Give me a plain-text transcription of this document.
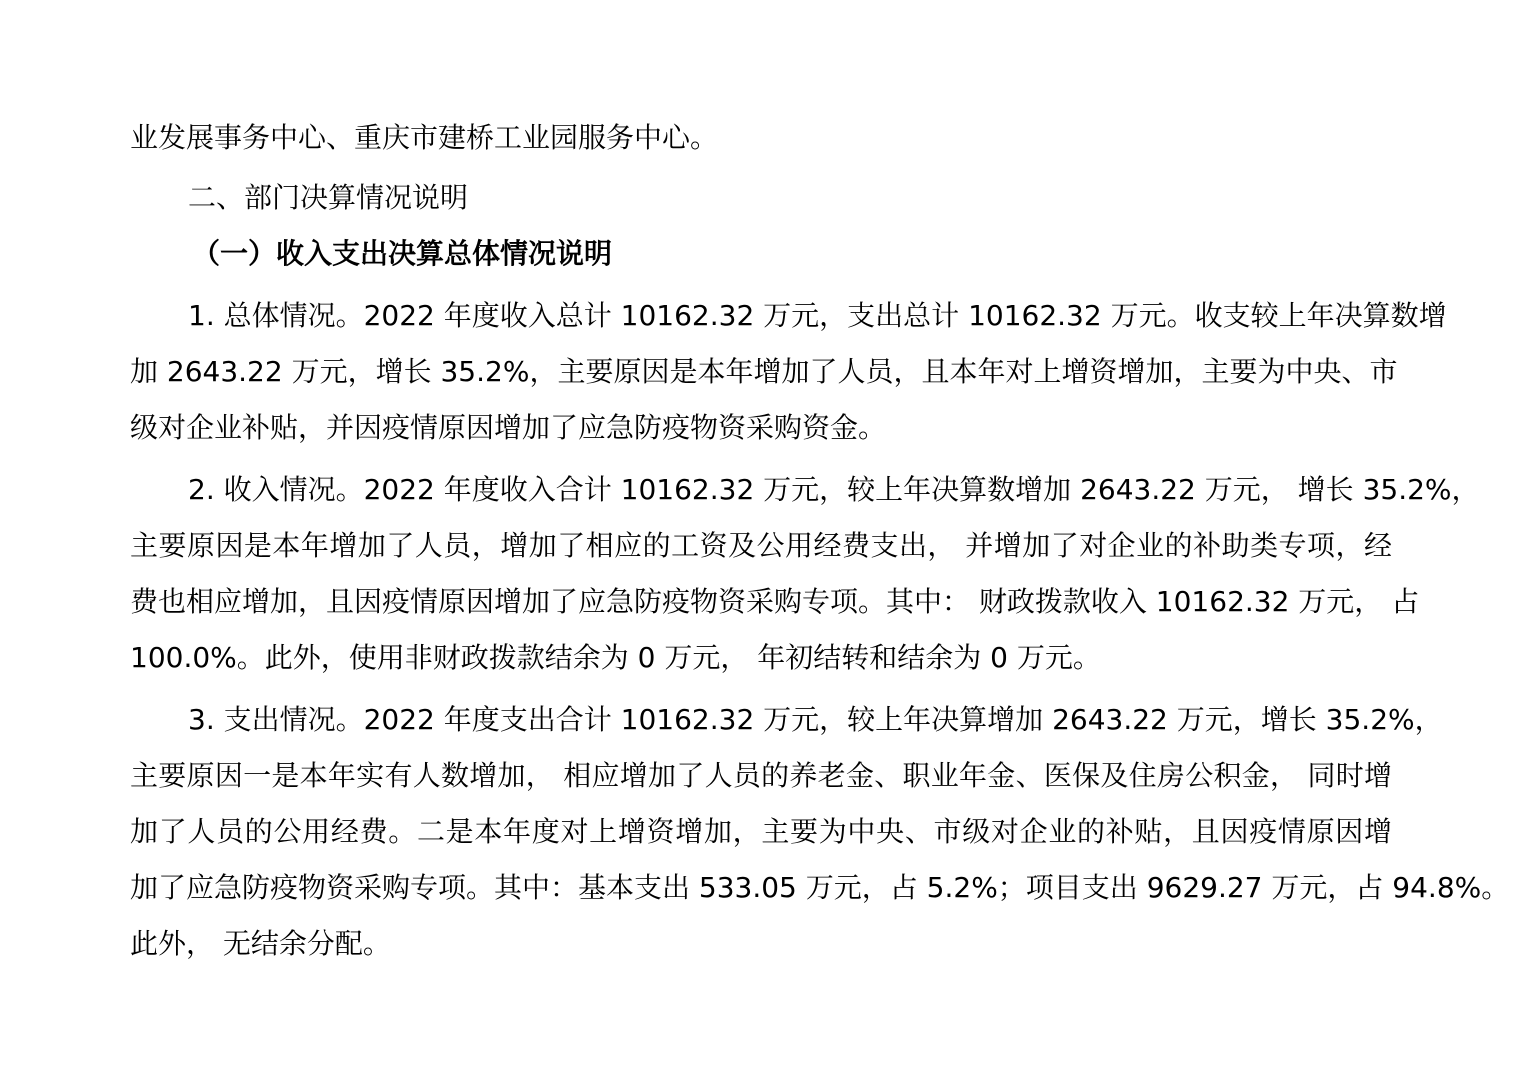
业发展事务中心、重庆市建桥工业园服务中心。
二、部门决算情况说明
（一）收入支出决算总体情况说明
1. 总体情况。2022 年度收入总计 10162.32 万元，支出总计 10162.32 万元。收支较上年决算数增
加 2643.22 万元，增长 35.2%，主要原因是本年增加了人员，且本年对上增资增加，主要为中央、市
级对企业补贴，并因疫情原因增加了应急防疫物资采购资金。
2. 收入情况。2022 年度收入合计 10162.32 万元，较上年决算数增加 2643.22 万元， 增长 35.2%，
主要原因是本年增加了人员，增加了相应的工资及公用经费支出， 并增加了对企业的补助类专项，经
费也相应增加，且因疫情原因增加了应急防疫物资采购专项。其中： 财政拨款收入 10162.32 万元， 占
100.0%。此外，使用非财政拨款结余为 0 万元， 年初结转和结余为 0 万元。
3. 支出情况。2022 年度支出合计 10162.32 万元，较上年决算增加 2643.22 万元，增长 35.2%，
主要原因一是本年实有人数增加， 相应增加了人员的养老金、职业年金、医保及住房公积金， 同时增
加了人员的公用经费。二是本年度对上增资增加，主要为中央、市级对企业的补贴，且因疫情原因增
加了应急防疫物资采购专项。其中：基本支出 533.05 万元，占 5.2%；项目支出 9629.27 万元，占 94.8%。
此外， 无结余分配。
